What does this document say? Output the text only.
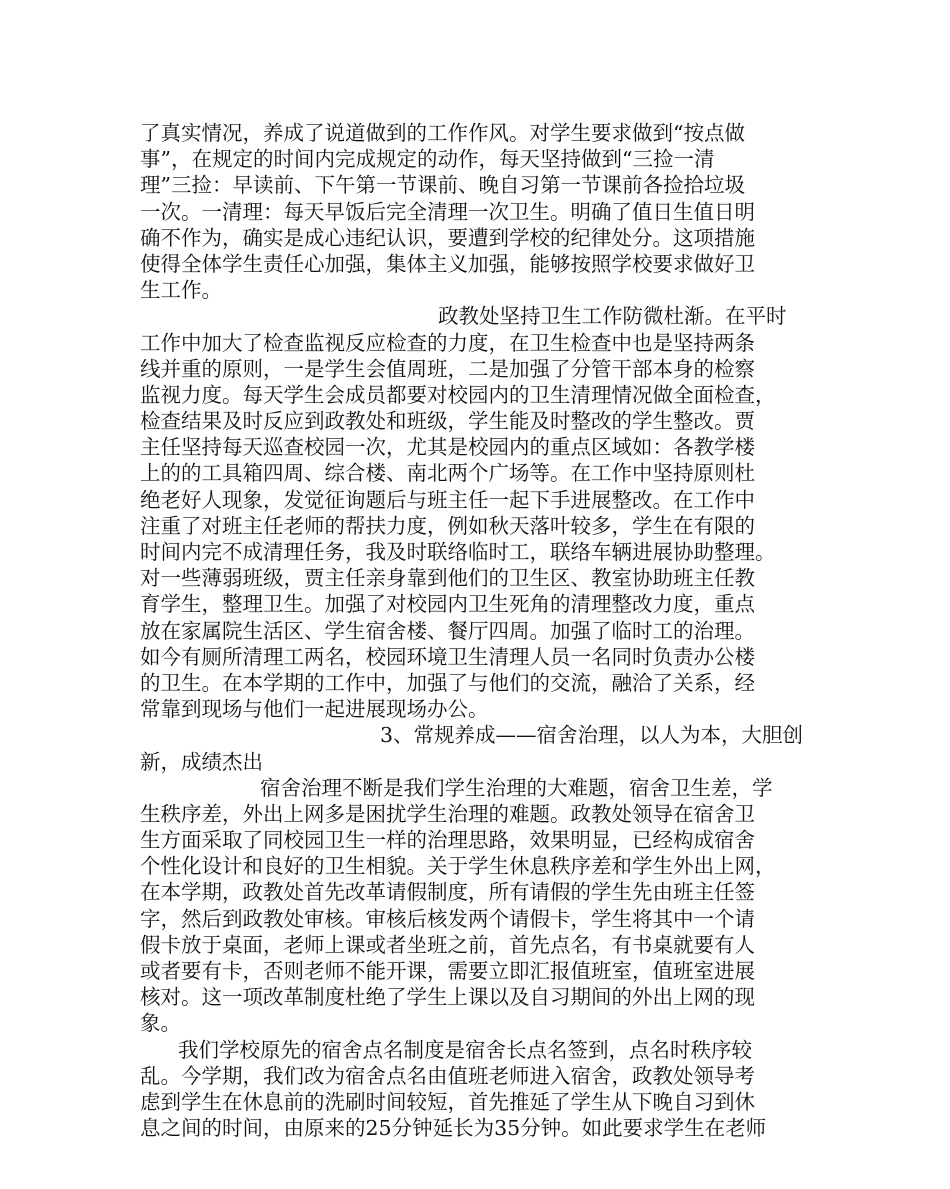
了真实情况，养成了说道做到的工作作风。对学生要求做到“按点做
事”，在规定的时间内完成规定的动作，每天坚持做到“三捡一清
理”三捡：早读前、下午第一节课前、晚自习第一节课前各捡拾垃圾
一次。一清理：每天早饭后完全清理一次卫生。明确了值日生值日明
确不作为，确实是成心违纪认识，要遭到学校的纪律处分。这项措施
使得全体学生责任心加强，集体主义加强，能够按照学校要求做好卫
生工作。
政教处坚持卫生工作防微杜渐。在平时
工作中加大了检查监视反应检查的力度，在卫生检查中也是坚持两条
线并重的原则，一是学生会值周班，二是加强了分管干部本身的检察
监视力度。每天学生会成员都要对校园内的卫生清理情况做全面检查，
检查结果及时反应到政教处和班级，学生能及时整改的学生整改。贾
主任坚持每天巡查校园一次，尤其是校园内的重点区域如：各教学楼
上的的工具箱四周、综合楼、南北两个广场等。在工作中坚持原则杜
绝老好人现象，发觉征询题后与班主任一起下手进展整改。在工作中
注重了对班主任老师的帮扶力度，例如秋天落叶较多，学生在有限的
时间内完不成清理任务，我及时联络临时工，联络车辆进展协助整理。
对一些薄弱班级，贾主任亲身靠到他们的卫生区、教室协助班主任教
育学生，整理卫生。加强了对校园内卫生死角的清理整改力度，重点
放在家属院生活区、学生宿舍楼、餐厅四周。加强了临时工的治理。
如今有厕所清理工两名，校园环境卫生清理人员一名同时负责办公楼
的卫生。在本学期的工作中，加强了与他们的交流，融洽了关系，经
常靠到现场与他们一起进展现场办公。
3、常规养成——宿舍治理，以人为本，大胆创
新，成绩杰出
宿舍治理不断是我们学生治理的大难题，宿舍卫生差，学
生秩序差，外出上网多是困扰学生治理的难题。政教处领导在宿舍卫
生方面采取了同校园卫生一样的治理思路，效果明显，已经构成宿舍
个性化设计和良好的卫生相貌。关于学生休息秩序差和学生外出上网，
在本学期，政教处首先改革请假制度，所有请假的学生先由班主任签
字，然后到政教处审核。审核后核发两个请假卡，学生将其中一个请
假卡放于桌面，老师上课或者坐班之前，首先点名，有书桌就要有人
或者要有卡，否则老师不能开课，需要立即汇报值班室，值班室进展
核对。这一项改革制度杜绝了学生上课以及自习期间的外出上网的现
象。
我们学校原先的宿舍点名制度是宿舍长点名签到，点名时秩序较
乱。今学期，我们改为宿舍点名由值班老师进入宿舍，政教处领导考
虑到学生在休息前的洗刷时间较短，首先推延了学生从下晚自习到休
息之间的时间，由原来的25分钟延长为35分钟。如此要求学生在老师
